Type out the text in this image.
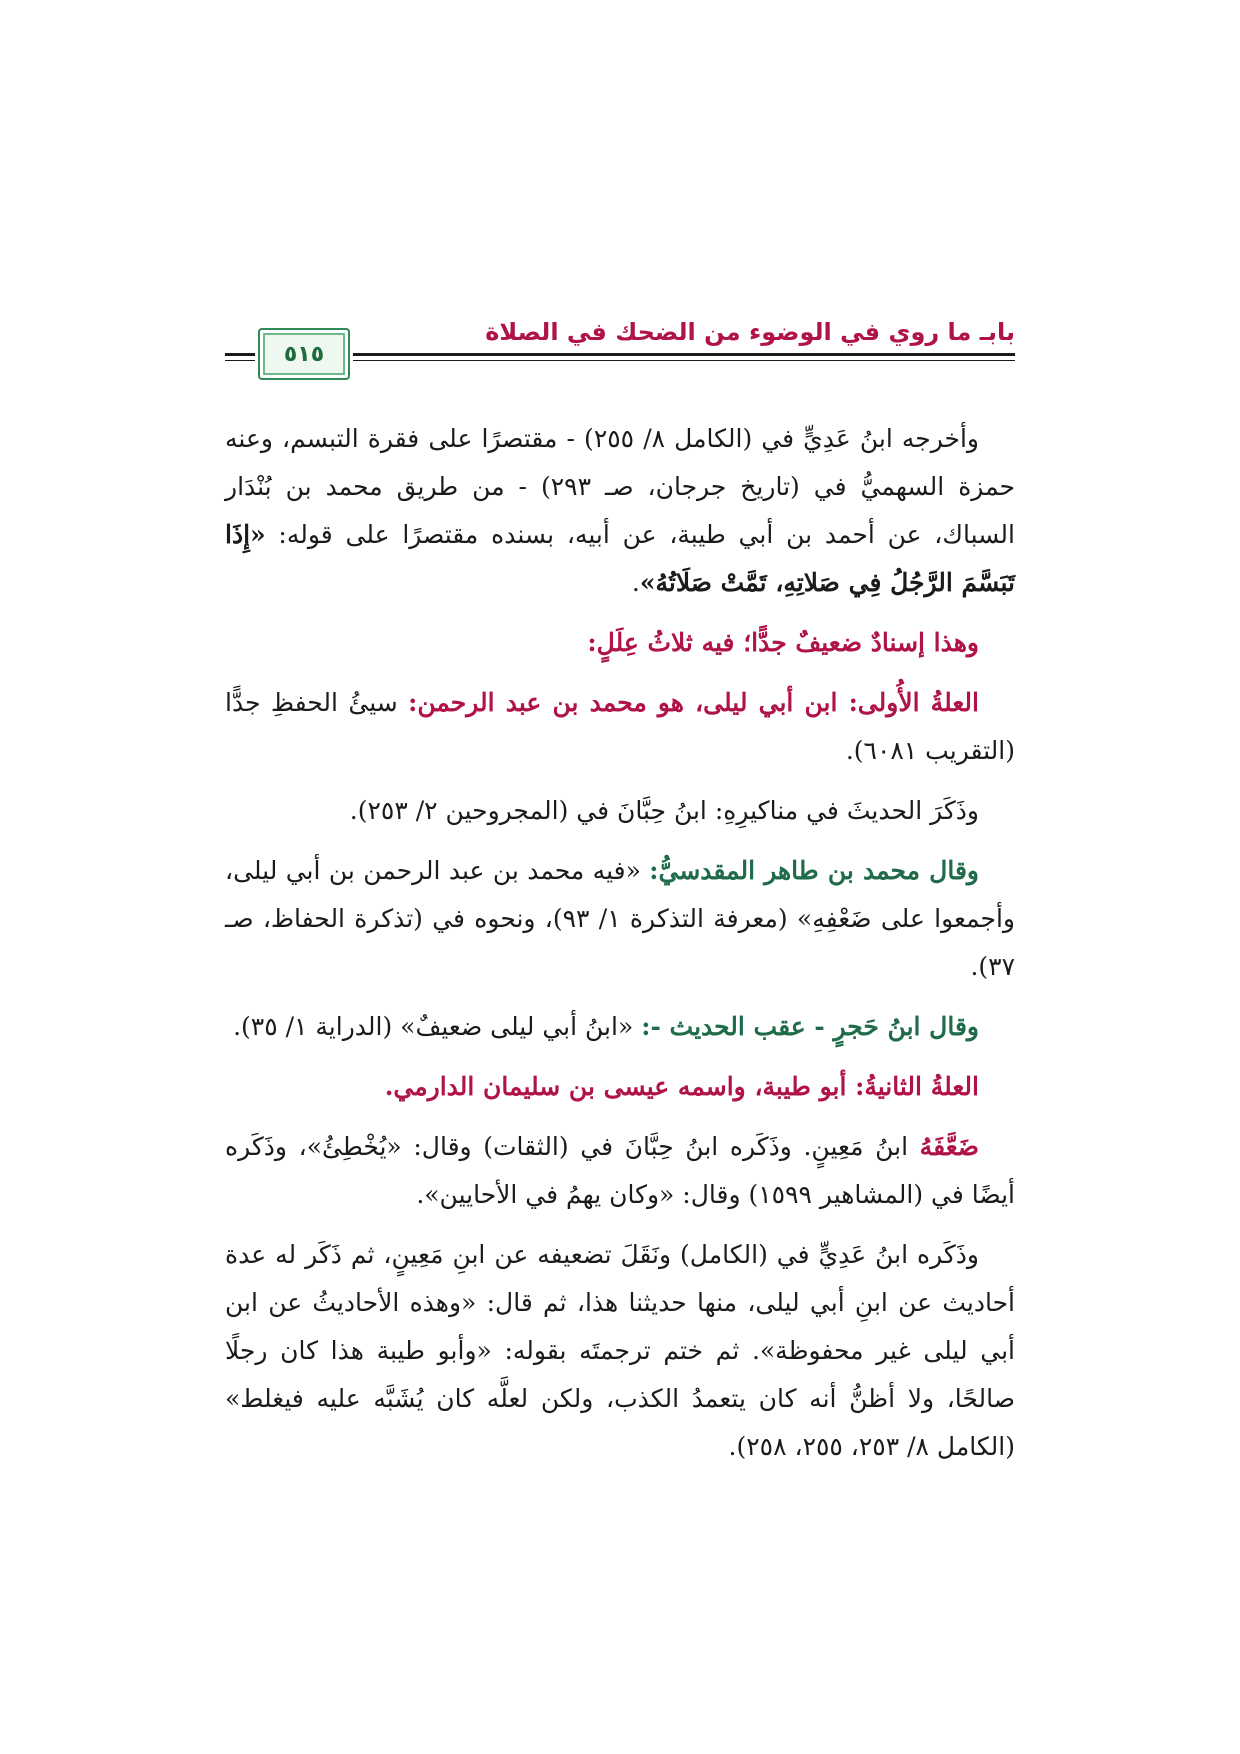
بابـ ما روي في الوضوء من الضحك في الصلاة
٥١٥

وأخرجه ابنُ عَدِيٍّ في (الكامل ٨/ ٢٥٥) - مقتصرًا على فقرة التبسم، وعنه حمزة السهميُّ في (تاريخ جرجان، صـ ٢٩٣) - من طريق محمد بن بُنْدَار السباك، عن أحمد بن أبي طيبة، عن أبيه، بسنده مقتصرًا على قوله: «إِذَا تَبَسَّمَ الرَّجُلُ فِي صَلاتِهِ، تَمَّتْ صَلَاتُهُ».

وهذا إسنادٌ ضعيفٌ جدًّا؛ فيه ثلاثُ عِلَلٍ:

العلةُ الأُولى: ابن أبي ليلى، هو محمد بن عبد الرحمن: سيئُ الحفظِ جدًّا (التقريب ٦٠٨١).

وذَكَرَ الحديثَ في مناكيرِهِ: ابنُ حِبَّانَ في (المجروحين ٢/ ٢٥٣).

وقال محمد بن طاهر المقدسيُّ: «فيه محمد بن عبد الرحمن بن أبي ليلى، وأجمعوا على ضَعْفِهِ» (معرفة التذكرة ١/ ٩٣)، ونحوه في (تذكرة الحفاظ، صـ ٣٧).

وقال ابنُ حَجرٍ - عقب الحديث -: «ابنُ أبي ليلى ضعيفٌ» (الدراية ١/ ٣٥).

العلةُ الثانيةُ: أبو طيبة، واسمه عيسى بن سليمان الدارمي.

ضَعَّفَهُ ابنُ مَعِينٍ. وذَكَره ابنُ حِبَّانَ في (الثقات) وقال: «يُخْطِئُ»، وذَكَره أيضًا في (المشاهير ١٥٩٩) وقال: «وكان يهمُ في الأحايين».

وذَكَره ابنُ عَدِيٍّ في (الكامل) ونَقَلَ تضعيفه عن ابنِ مَعِينٍ، ثم ذَكَر له عدة أحاديث عن ابنِ أبي ليلى، منها حديثنا هذا، ثم قال: «وهذه الأحاديثُ عن ابن أبي ليلى غير محفوظة». ثم ختم ترجمتَه بقوله: «وأبو طيبة هذا كان رجلًا صالحًا، ولا أظنُّ أنه كان يتعمدُ الكذب، ولكن لعلَّه كان يُشَبَّه عليه فيغلط» (الكامل ٨/ ٢٥٣، ٢٥٥، ٢٥٨).
